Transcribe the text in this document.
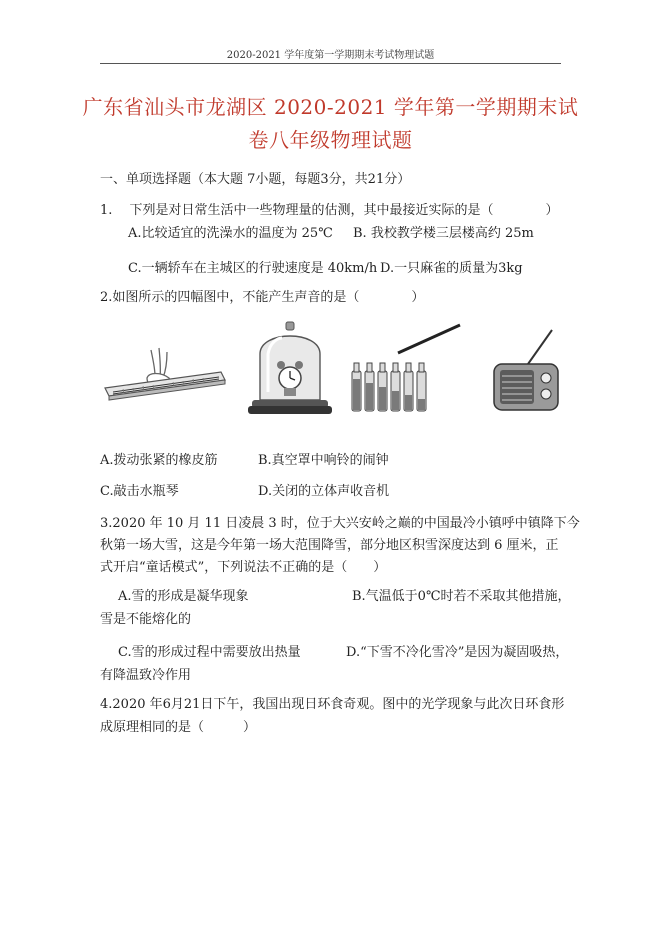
2020-2021 学年度第一学期期末考试物理试题
广东省汕头市龙湖区 2020-2021 学年第一学期期末试
卷八年级物理试题
一、单项选择题（本大题 7小题，每题3分，共21分）
1.　 下列是对日常生活中一些物理量的估测，其中最接近实际的是（　　　　）
A.比较适宜的洗澡水的温度为 25℃ B. 我校教学楼三层楼高约 25m
C.一辆轿车在主城区的行驶速度是 40km/h D.一只麻雀的质量为3kg
2.如图所示的四幅图中，不能产生声音的是（　　　　）
A.拨动张紧的橡皮筋	B.真空罩中响铃的闹钟
C.敲击水瓶琴	D.关闭的立体声收音机
3.2020 年 10 月 11 日凌晨 3 时，位于大兴安岭之巅的中国最冷小镇呼中镇降下今
秋第一场大雪，这是今年第一场大范围降雪，部分地区积雪深度达到 6 厘米，正
式开启“童话模式”，下列说法不正确的是（　　）
A.雪的形成是凝华现象	B.气温低于0℃时若不采取其他措施，
雪是不能熔化的
C.雪的形成过程中需要放出热量	D.“下雪不冷化雪冷”是因为凝固吸热，
有降温致冷作用
4.2020 年6月21日下午，我国出现日环食奇观。图中的光学现象与此次日环食形
成原理相同的是（　　　）
